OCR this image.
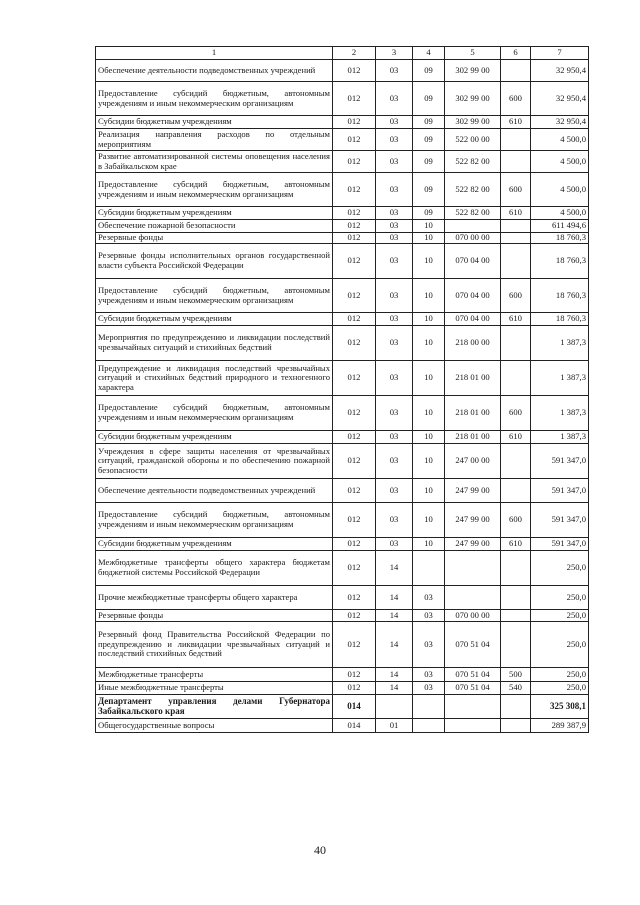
1	2	3	4	5	6	7
Обеспечение деятельности подведомственных учреждений	012	03	09	302 99 00		32 950,4
Предоставление субсидий бюджетным, автономным учреждениям и иным некоммерческим организациям	012	03	09	302 99 00	600	32 950,4
Субсидии бюджетным учреждениям	012	03	09	302 99 00	610	32 950,4
Реализация направления расходов по отдельным мероприятиям	012	03	09	522 00 00		4 500,0
Развитие автоматизированной системы оповещения населения в Забайкальском крае	012	03	09	522 82 00		4 500,0
Предоставление субсидий бюджетным, автономным учреждениям и иным некоммерческим организациям	012	03	09	522 82 00	600	4 500,0
Субсидии бюджетным учреждениям	012	03	09	522 82 00	610	4 500,0
Обеспечение пожарной безопасности	012	03	10			611 494,6
Резервные фонды	012	03	10	070 00 00		18 760,3
Резервные фонды исполнительных органов государственной власти субъекта Российской Федерации	012	03	10	070 04 00		18 760,3
Предоставление субсидий бюджетным, автономным учреждениям и иным некоммерческим организациям	012	03	10	070 04 00	600	18 760,3
Субсидии бюджетным учреждениям	012	03	10	070 04 00	610	18 760,3
Мероприятия по предупреждению и ликвидации последствий чрезвычайных ситуаций и стихийных бедствий	012	03	10	218 00 00		1 387,3
Предупреждение и ликвидация последствий чрезвычайных ситуаций и стихийных бедствий природного и техногенного характера	012	03	10	218 01 00		1 387,3
Предоставление субсидий бюджетным, автономным учреждениям и иным некоммерческим организациям	012	03	10	218 01 00	600	1 387,3
Субсидии бюджетным учреждениям	012	03	10	218 01 00	610	1 387,3
Учреждения в сфере защиты населения от чрезвычайных ситуаций, гражданской обороны и по обеспечению пожарной безопасности	012	03	10	247 00 00		591 347,0
Обеспечение деятельности подведомственных учреждений	012	03	10	247 99 00		591 347,0
Предоставление субсидий бюджетным, автономным учреждениям и иным некоммерческим организациям	012	03	10	247 99 00	600	591 347,0
Субсидии бюджетным учреждениям	012	03	10	247 99 00	610	591 347,0
Межбюджетные трансферты общего характера бюджетам бюджетной системы Российской Федерации	012	14				250,0
Прочие межбюджетные трансферты общего характера	012	14	03			250,0
Резервные фонды	012	14	03	070 00 00		250,0
Резервный фонд Правительства Российской Федерации по предупреждению и ликвидации чрезвычайных ситуаций и последствий стихийных бедствий	012	14	03	070 51 04		250,0
Межбюджетные трансферты	012	14	03	070 51 04	500	250,0
Иные межбюджетные трансферты	012	14	03	070 51 04	540	250,0
Департамент управления делами Губернатора Забайкальского края	014					325 308,1
Общегосударственные вопросы	014	01				289 387,9
40
